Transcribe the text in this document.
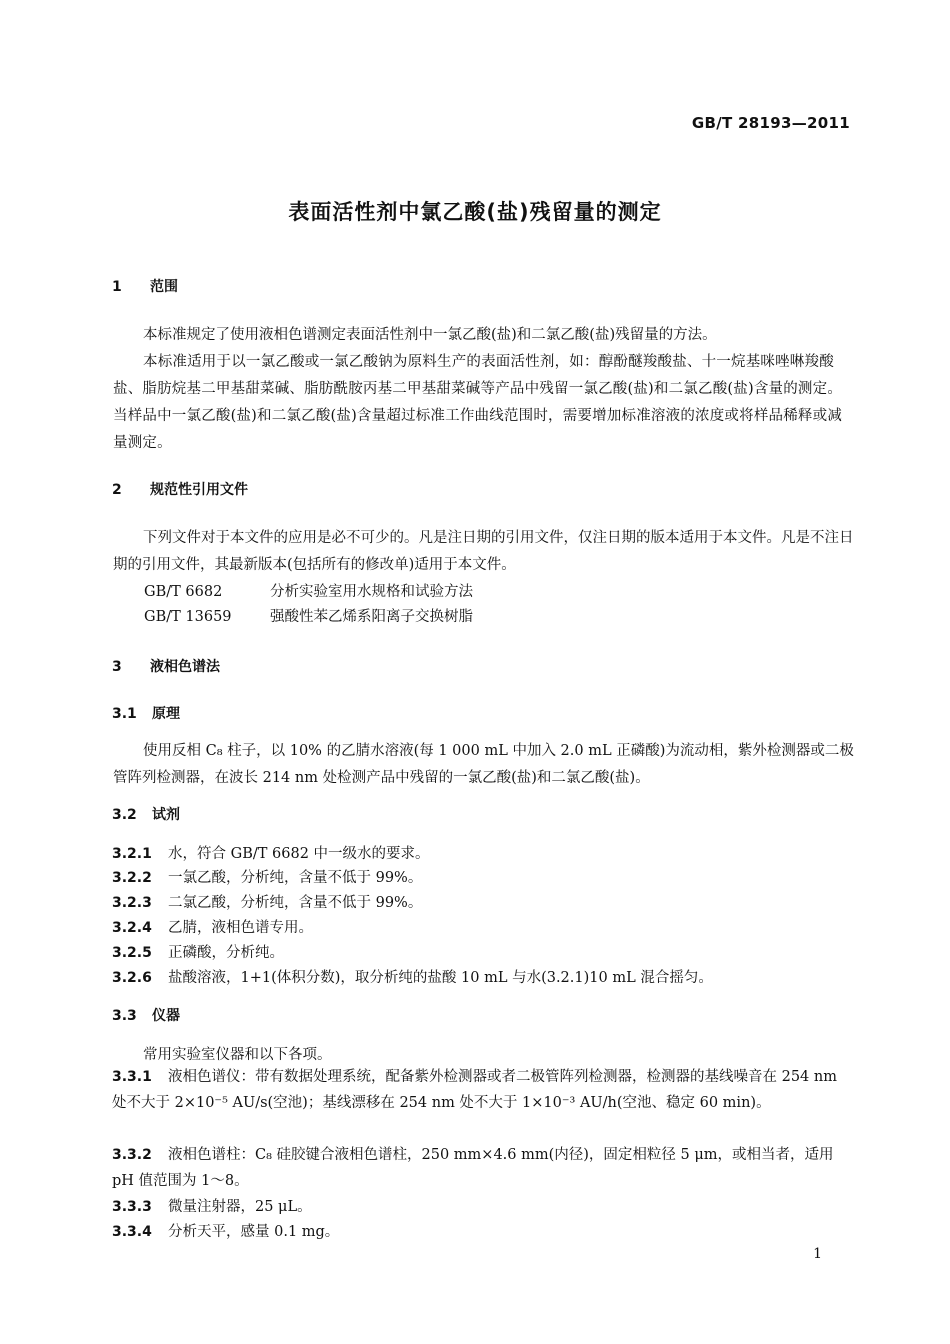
GB/T 28193—2011
表面活性剂中氯乙酸(盐)残留量的测定
1 范围
本标准规定了使用液相色谱测定表面活性剂中一氯乙酸(盐)和二氯乙酸(盐)残留量的方法。
本标准适用于以一氯乙酸或一氯乙酸钠为原料生产的表面活性剂，如：醇酚醚羧酸盐、十一烷基咪唑啉羧酸盐、脂肪烷基二甲基甜菜碱、脂肪酰胺丙基二甲基甜菜碱等产品中残留一氯乙酸(盐)和二氯乙酸(盐)含量的测定。当样品中一氯乙酸(盐)和二氯乙酸(盐)含量超过标准工作曲线范围时，需要增加标准溶液的浓度或将样品稀释或减量测定。
2 规范性引用文件
下列文件对于本文件的应用是必不可少的。凡是注日期的引用文件，仅注日期的版本适用于本文件。凡是不注日期的引用文件，其最新版本(包括所有的修改单)适用于本文件。
GB/T 6682	分析实验室用水规格和试验方法
GB/T 13659	强酸性苯乙烯系阳离子交换树脂
3 液相色谱法
3.1 原理
使用反相 C₈ 柱子，以 10% 的乙腈水溶液(每 1 000 mL 中加入 2.0 mL 正磷酸)为流动相，紫外检测器或二极管阵列检测器，在波长 214 nm 处检测产品中残留的一氯乙酸(盐)和二氯乙酸(盐)。
3.2 试剂
3.2.1 水，符合 GB/T 6682 中一级水的要求。
3.2.2 一氯乙酸，分析纯，含量不低于 99%。
3.2.3 二氯乙酸，分析纯，含量不低于 99%。
3.2.4 乙腈，液相色谱专用。
3.2.5 正磷酸，分析纯。
3.2.6 盐酸溶液，1+1(体积分数)，取分析纯的盐酸 10 mL 与水(3.2.1)10 mL 混合摇匀。
3.3 仪器
常用实验室仪器和以下各项。
3.3.1 液相色谱仪：带有数据处理系统，配备紫外检测器或者二极管阵列检测器，检测器的基线噪音在 254 nm 处不大于 2×10⁻⁵ AU/s(空池)；基线漂移在 254 nm 处不大于 1×10⁻³ AU/h(空池、稳定 60 min)。
3.3.2 液相色谱柱：C₈ 硅胶键合液相色谱柱，250 mm×4.6 mm(内径)，固定相粒径 5 μm，或相当者，适用 pH 值范围为 1～8。
3.3.3 微量注射器，25 μL。
3.3.4 分析天平，感量 0.1 mg。
1
